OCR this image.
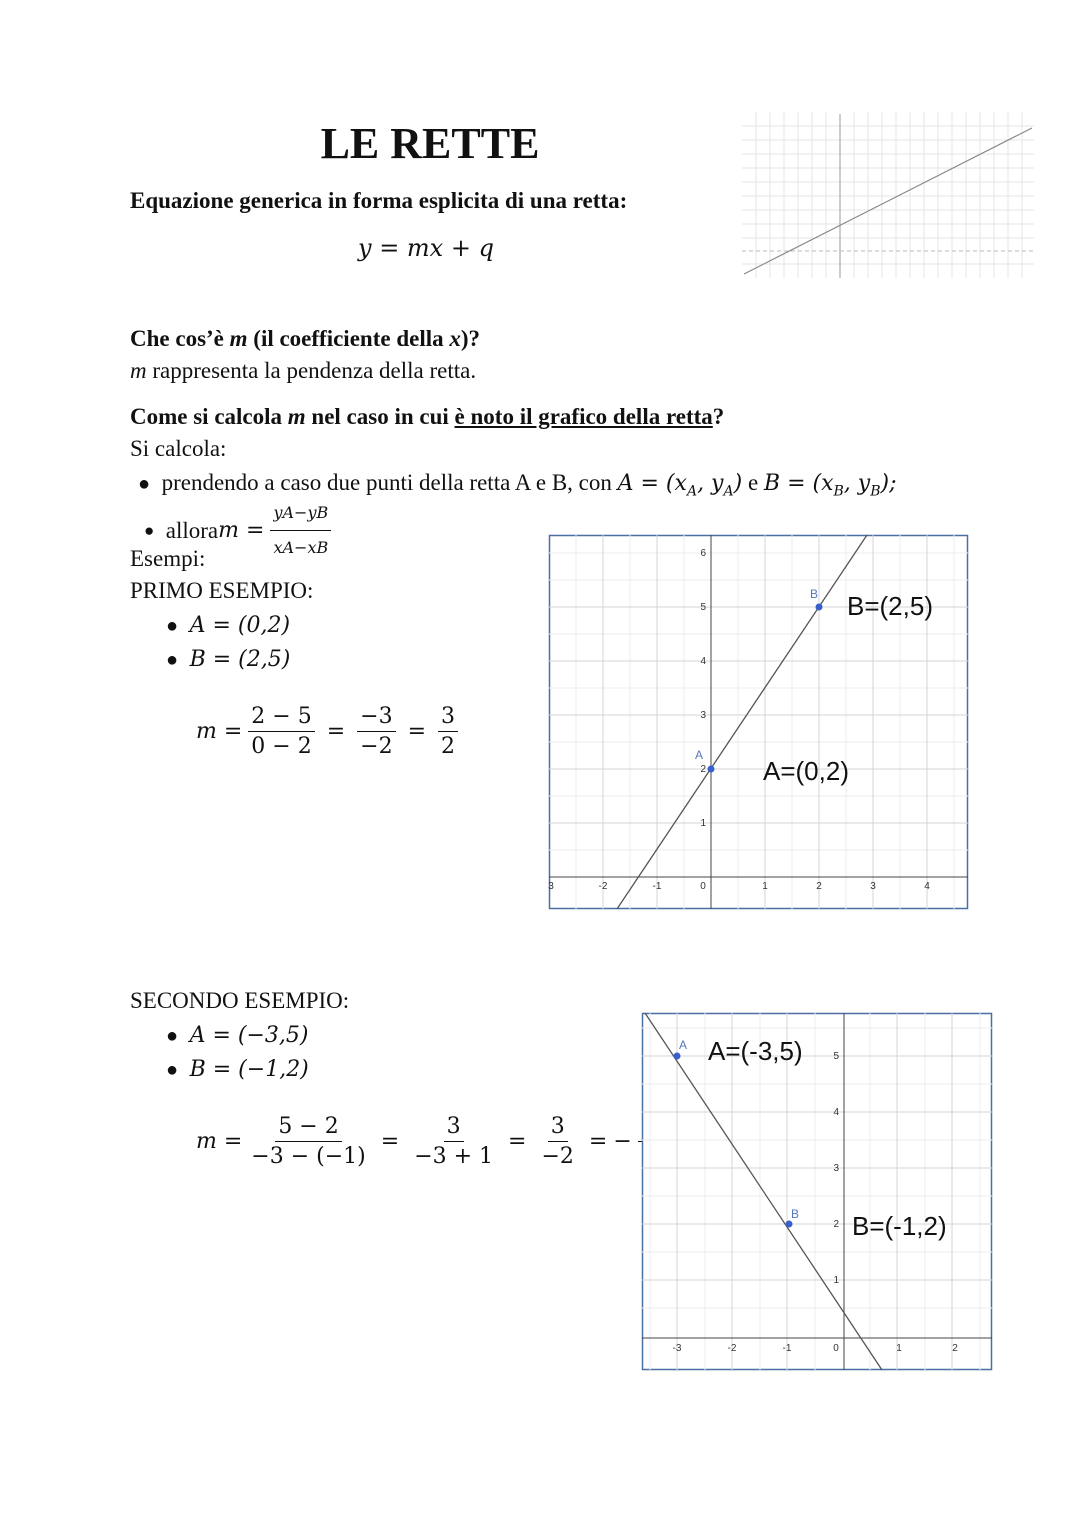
LE RETTE
Equazione generica in forma esplicita di una retta:
y = mx + q
Che cos’è m (il coefficiente della x)?
m rappresenta la pendenza della retta.
Come si calcola m nel caso in cui è noto il grafico della retta?
Si calcola:
● prendendo a caso due punti della retta A e B, con $A = (x_A$, $y_A$) e $B = (x_B$, $y_B$);
●
allora $m = \frac{yA-yB}{xA-xB}$
Esempi:
PRIMO ESEMPIO:
● A = (0,2)
● B = (2,5)
$m = \frac{2 - 5}{0 - 2} = \frac{-3}{-2} = \frac{3}{2}$	A
B B=(2,5)
A=(0,2)
3	-2	-1	0	1	2	3	4
6
5
4
3
2
1
SECONDO ESEMPIO:
● A = (−3,5)
● B = (−1,2)
$m = \frac{5 - 2}{-3 - (-1)} = \frac{3}{-3 + 1} = \frac{3}{-2}$ = −
A
B
A=(-3,5)
B=(-1,2)
-3	-2	-1	0	1	2
5
4
3
2
1
